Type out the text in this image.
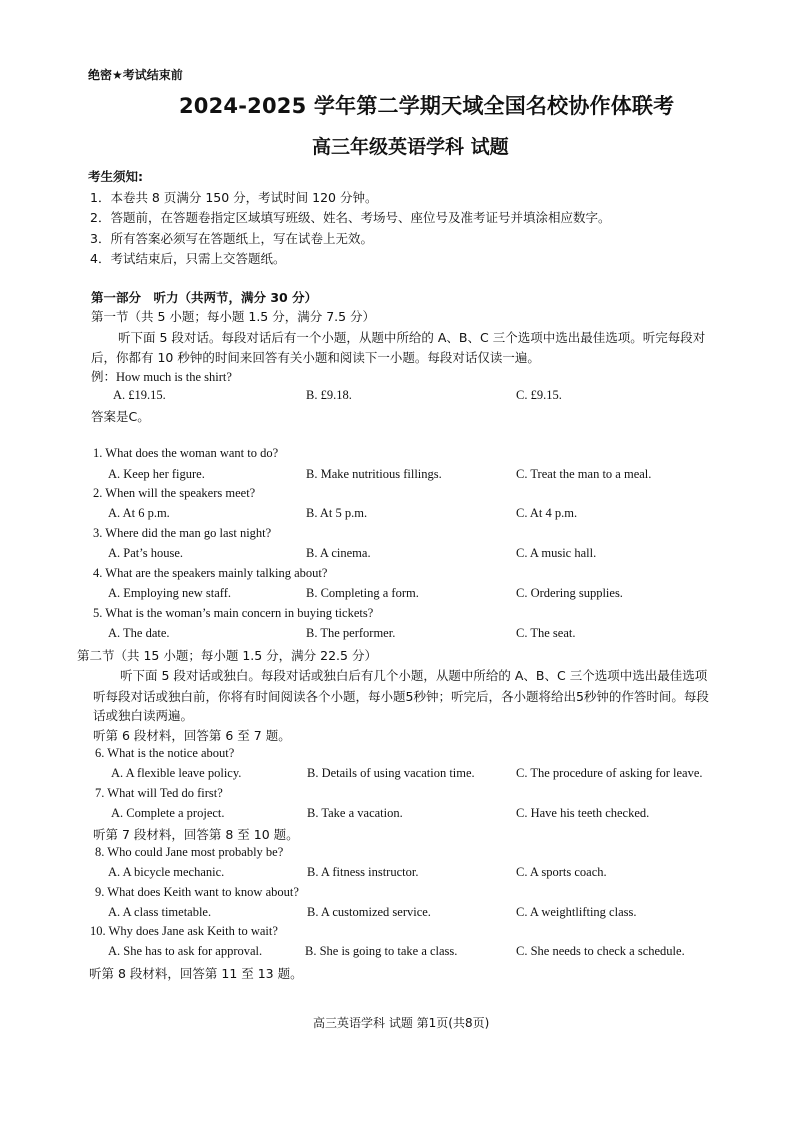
绝密★考试结束前
2024-2025 学年第二学期天域全国名校协作体联考
高三年级英语学科 试题
考生须知:
1．本卷共 8 页满分 150 分，考试时间 120 分钟。
2．答题前，在答题卷指定区域填写班级、姓名、考场号、座位号及准考证号并填涂相应数字。
3．所有答案必须写在答题纸上，写在试卷上无效。
4．考试结束后，只需上交答题纸。
第一部分　听力（共两节，满分 30 分）
第一节（共 5 小题；每小题 1.5 分，满分 7.5 分）
听下面 5 段对话。每段对话后有一个小题，从题中所给的 A、B、C 三个选项中选出最佳选项。听完每段对
后，你都有 10 秒钟的时间来回答有关小题和阅读下一小题。每段对话仅读一遍。
例：How much is the shirt?
A. £19.15.	B. £9.18.	C. £9.15.
答案是C。
1. What does the woman want to do?
A. Keep her figure.	B. Make nutritious fillings.	C. Treat the man to a meal.
2. When will the speakers meet?
A. At 6 p.m.	B. At 5 p.m.	C. At 4 p.m.
3. Where did the man go last night?
A. Pat’s house.	B. A cinema.	C. A music hall.
4. What are the speakers mainly talking about?
A. Employing new staff.	B. Completing a form.	C. Ordering supplies.
5. What is the woman’s main concern in buying tickets?
A. The date.	B. The performer.	C. The seat.
第二节（共 15 小题；每小题 1.5 分，满分 22.5 分）
听下面 5 段对话或独白。每段对话或独白后有几个小题，从题中所给的 A、B、C 三个选项中选出最佳选项
听每段对话或独白前，你将有时间阅读各个小题，每小题5秒钟；听完后，各小题将给出5秒钟的作答时间。每段
话或独白读两遍。
听第 6 段材料，回答第 6 至 7 题。
6. What is the notice about?
A. A flexible leave policy.	B. Details of using vacation time.	C. The procedure of asking for leave.
7. What will Ted do first?
A. Complete a project.	B. Take a vacation.	C. Have his teeth checked.
听第 7 段材料，回答第 8 至 10 题。
8. Who could Jane most probably be?
A. A bicycle mechanic.	B. A fitness instructor.	C. A sports coach.
9. What does Keith want to know about?
A. A class timetable.	B. A customized service.	C. A weightlifting class.
10. Why does Jane ask Keith to wait?
A. She has to ask for approval.	B. She is going to take a class.	C. She needs to check a schedule.
听第 8 段材料，回答第 11 至 13 题。
高三英语学科 试题 第1页(共8页)
